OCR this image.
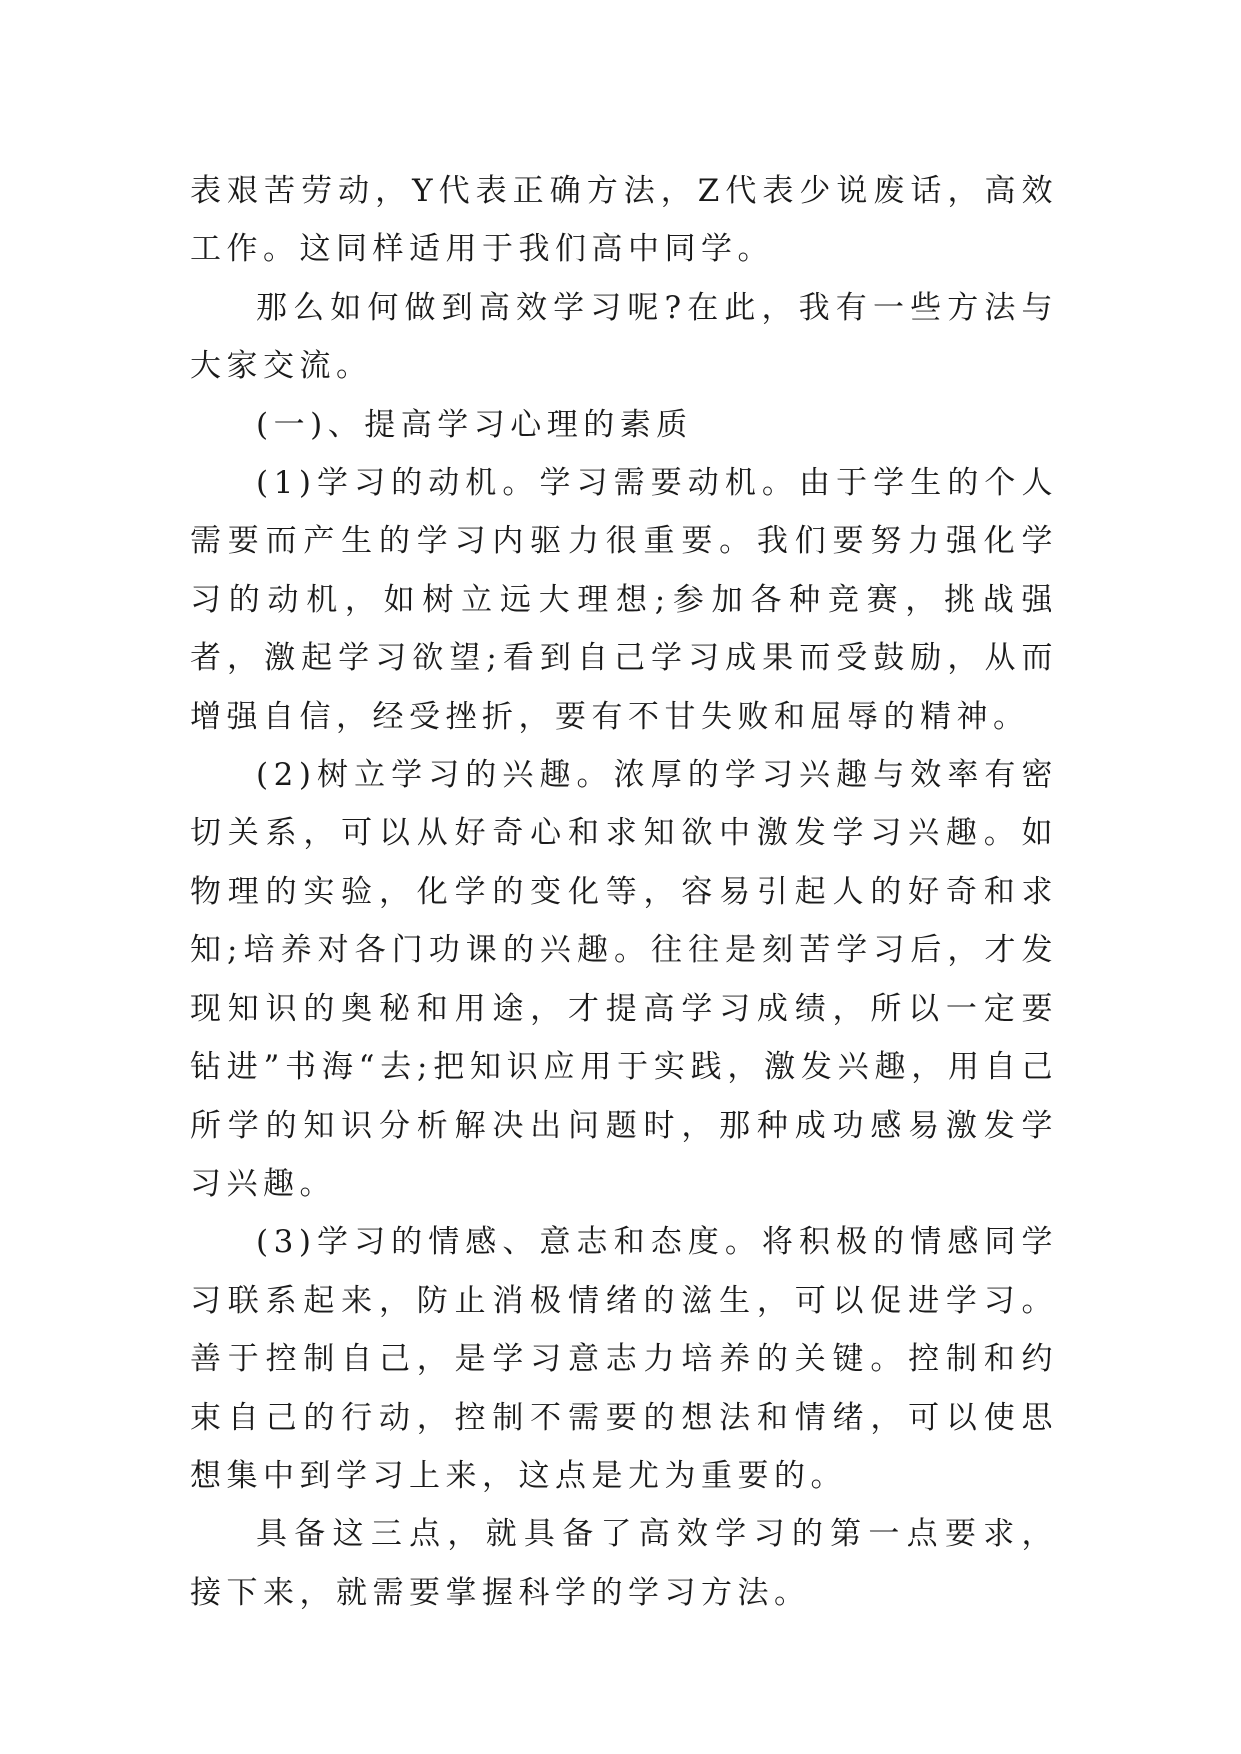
表艰苦劳动，Y代表正确方法，Z代表少说废话，高效工作。这同样适用于我们高中同学。

那么如何做到高效学习呢?在此，我有一些方法与大家交流。

(一)、提高学习心理的素质

(1)学习的动机。学习需要动机。由于学生的个人需要而产生的学习内驱力很重要。我们要努力强化学习的动机，如树立远大理想;参加各种竞赛，挑战强者，激起学习欲望;看到自己学习成果而受鼓励，从而增强自信，经受挫折，要有不甘失败和屈辱的精神。

(2)树立学习的兴趣。浓厚的学习兴趣与效率有密切关系，可以从好奇心和求知欲中激发学习兴趣。如物理的实验，化学的变化等，容易引起人的好奇和求知;培养对各门功课的兴趣。往往是刻苦学习后，才发现知识的奥秘和用途，才提高学习成绩，所以一定要钻进”书海“去;把知识应用于实践，激发兴趣，用自己所学的知识分析解决出问题时，那种成功感易激发学习兴趣。

(3)学习的情感、意志和态度。将积极的情感同学习联系起来，防止消极情绪的滋生，可以促进学习。善于控制自己，是学习意志力培养的关键。控制和约束自己的行动，控制不需要的想法和情绪，可以使思想集中到学习上来，这点是尤为重要的。

具备这三点，就具备了高效学习的第一点要求，接下来，就需要掌握科学的学习方法。
